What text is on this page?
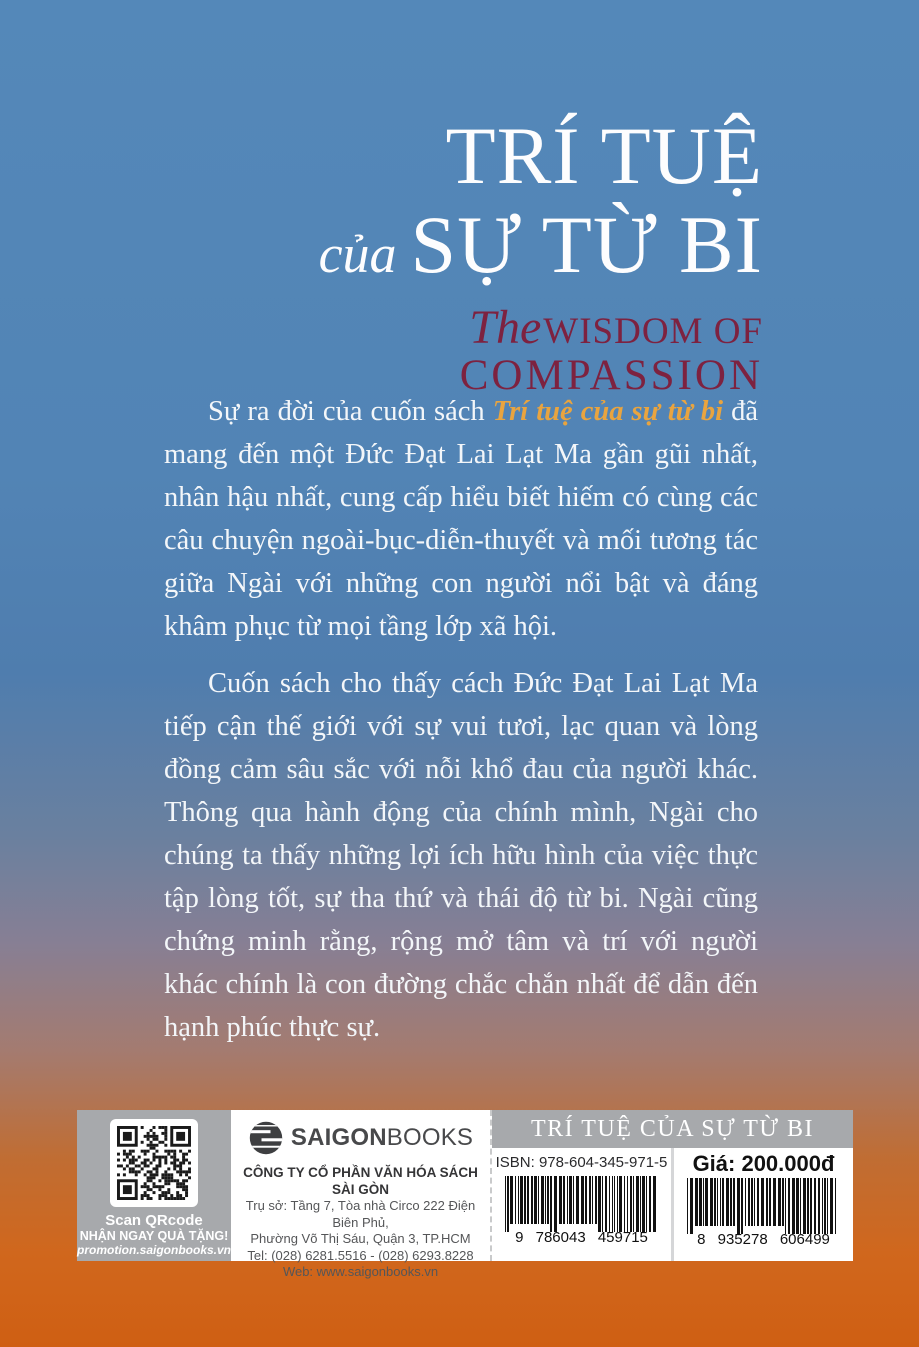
TRÍ TUỆ
của SỰ TỪ BI
TheWISDOM OF
COMPASSION

Sự ra đời của cuốn sách Trí tuệ của sự từ bi đã mang đến một Đức Đạt Lai Lạt Ma gần gũi nhất, nhân hậu nhất, cung cấp hiểu biết hiếm có cùng các câu chuyện ngoài-bục-diễn-thuyết và mối tương tác giữa Ngài với những con người nổi bật và đáng khâm phục từ mọi tầng lớp xã hội.

Cuốn sách cho thấy cách Đức Đạt Lai Lạt Ma tiếp cận thế giới với sự vui tươi, lạc quan và lòng đồng cảm sâu sắc với nỗi khổ đau của người khác. Thông qua hành động của chính mình, Ngài cho chúng ta thấy những lợi ích hữu hình của việc thực tập lòng tốt, sự tha thứ và thái độ từ bi. Ngài cũng chứng minh rằng, rộng mở tâm và trí với người khác chính là con đường chắc chắn nhất để dẫn đến hạnh phúc thực sự.

Scan QRcode
NHẬN NGAY QUÀ TẶNG!
promotion.saigonbooks.vn
SAIGONBOOKS
CÔNG TY CỔ PHẦN VĂN HÓA SÁCH SÀI GÒN
Trụ sở: Tầng 7, Tòa nhà Circo 222 Điện Biên Phủ,
Phường Võ Thị Sáu, Quận 3, TP.HCM
Tel: (028) 6281.5516 - (028) 6293.8228
Web: www.saigonbooks.vn
TRÍ TUỆ CỦA SỰ TỪ BI
ISBN: 978-604-345-971-5
9 786043 459715
Giá: 200.000đ
8 935278 606499
